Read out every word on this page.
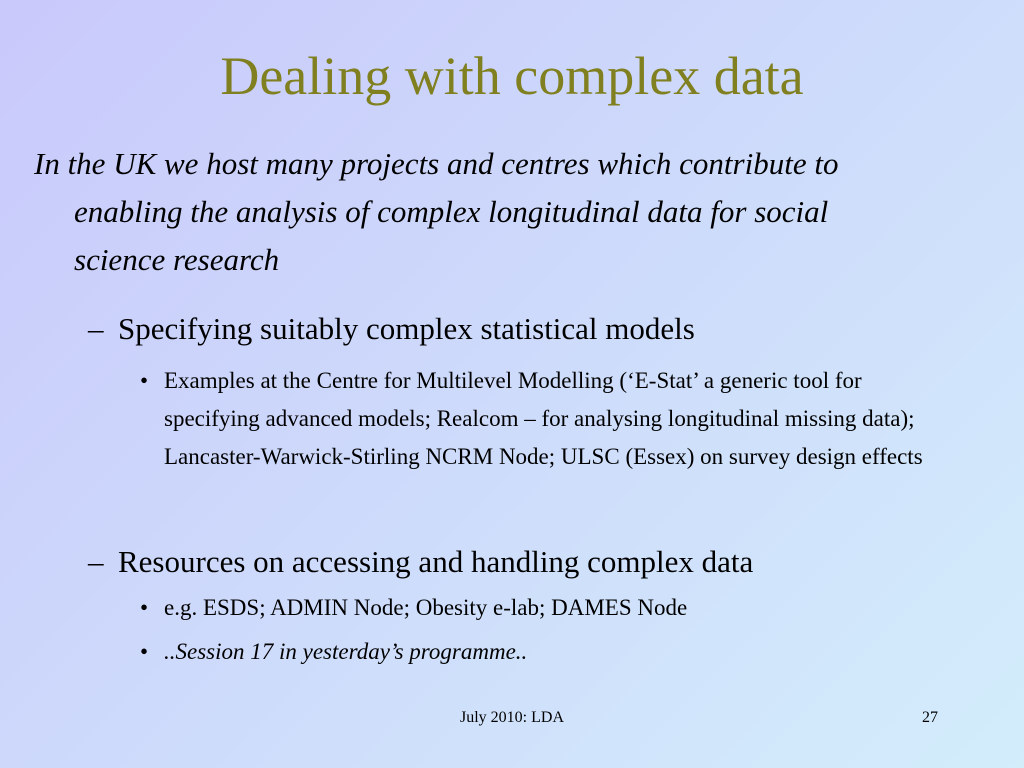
Dealing with complex data
In the UK we host many projects and centres which contribute to enabling the analysis of complex longitudinal data for social science research
– Specifying suitably complex statistical models
• Examples at the Centre for Multilevel Modelling (‘E-Stat’ a generic tool for specifying advanced models; Realcom – for analysing longitudinal missing data); Lancaster-Warwick-Stirling NCRM Node; ULSC (Essex) on survey design effects
– Resources on accessing and handling complex data
• e.g. ESDS; ADMIN Node; Obesity e-lab; DAMES Node
• ..Session 17 in yesterday’s programme..
July 2010: LDA	27
